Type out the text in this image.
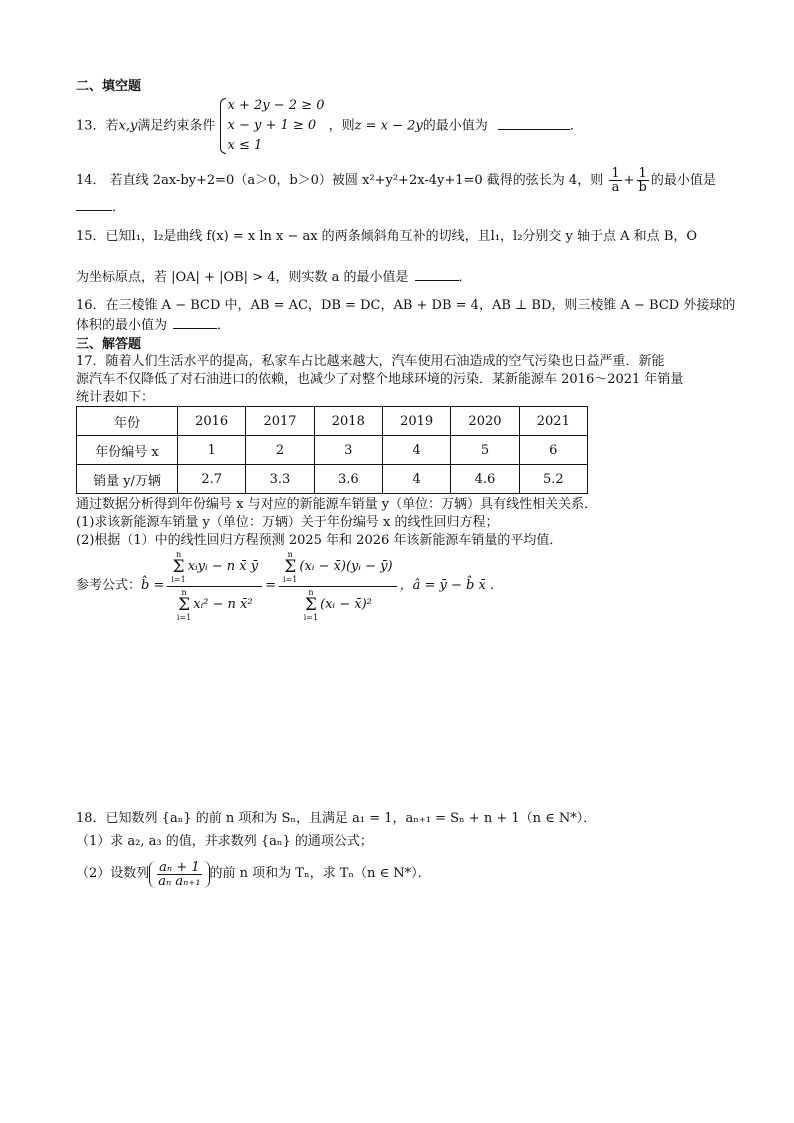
二、填空题
13．若x,y满足约束条件
x + 2y − 2 ≥ 0
x − y + 1 ≥ 0
x ≤ 1
，则z = x − 2y的最小值为	．
14． 若直线 2ax-by+2=0（a＞0，b＞0）被圆 x²+y²+2x-4y+1=0 截得的弦长为 4，则 $\frac{1}{a} + \frac{1}{b}$ 的最小值是
．
15．已知l₁，l₂是曲线 f(x) = x ln x − ax 的两条倾斜角互补的切线，且l₁，l₂分别交 y 轴于点 A 和点 B，O
为坐标原点，若 |OA| + |OB| > 4，则实数 a 的最小值是	．
16．在三棱锥 A − BCD 中，AB = AC，DB = DC，AB + DB = 4，AB ⊥ BD，则三棱锥 A − BCD 外接球的
体积的最小值为	．
三、解答题
17．随着人们生活水平的提高，私家车占比越来越大，汽车使用石油造成的空气污染也日益严重．新能
源汽车不仅降低了对石油进口的依赖，也减少了对整个地球环境的污染．某新能源车 2016～2021 年销量
统计表如下：
年份	2016	2017	2018	2019	2020	2021
年份编号 x	1	2	3	4	5	6
销量 y/万辆	2.7	3.3	3.6	4	4.6	5.2
通过数据分析得到年份编号 x 与对应的新能源车销量 y（单位：万辆）具有线性相关关系．
(1)求该新能源车销量 y（单位：万辆）关于年份编号 x 的线性回归方程；
(2)根据（1）中的线性回归方程预测 2025 年和 2026 年该新能源车销量的平均值．
参考公式： b̂ = n
Σ
i=1
xᵢyᵢ − n x̄ ȳ
n
Σ
i=1
xᵢ² − n x̄² = n
Σ
i=1
(xᵢ − x̄)(yᵢ − ȳ)
n
Σ
i=1
(xᵢ − x̄)² ，â = ȳ − b̂ x̄ ．
18．已知数列 {aₙ} 的前 n 项和为 Sₙ，且满足 a₁ = 1，aₙ₊₁ = Sₙ + n + 1（n ∈ N*）．
（1）求 a₂, a₃ 的值，并求数列 {aₙ} 的通项公式；
（2）设数列 $\frac{\text{aₙ + 1}}{\text{aₙ aₙ₊₁}}$ 的前 n 项和为 Tₙ，求 Tₙ（n ∈ N*）．
